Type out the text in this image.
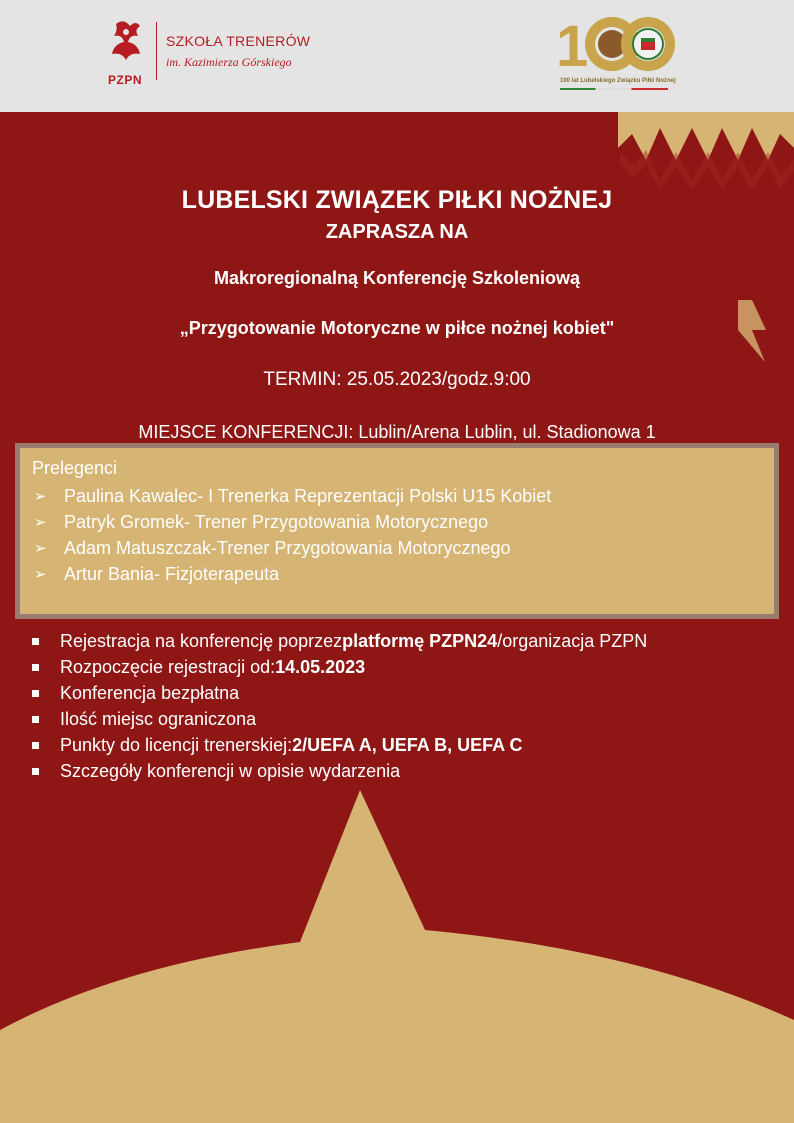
PZPN
SZKOŁA TRENERÓW
im. Kazimierza Górskiego	1
100 lat Lubelskiego Związku Piłki Nożnej
LUBELSKI ZWIĄZEK PIŁKI NOŻNEJ
ZAPRASZA NA
Makroregionalną Konferencję Szkoleniową
„Przygotowanie Motoryczne w piłce nożnej kobiet"
TERMIN: 25.05.2023/godz.9:00
MIEJSCE KONFERENCJI: Lublin/Arena Lublin, ul. Stadionowa 1
Prelegenci
➢ Paulina Kawalec- I Trenerka Reprezentacji Polski U15 Kobiet
➢ Patryk Gromek- Trener Przygotowania Motorycznego
➢ Adam Matuszczak-Trener Przygotowania Motorycznego
➢ Artur Bania- Fizjoterapeuta
Rejestracja na konferencję poprzez platformę PZPN24 /organizacja PZPN
Rozpoczęcie rejestracji od: 14.05.2023
Konferencja bezpłatna
Ilość miejsc ograniczona
Punkty do licencji trenerskiej: 2/UEFA A, UEFA B, UEFA C
Szczegóły konferencji w opisie wydarzenia
